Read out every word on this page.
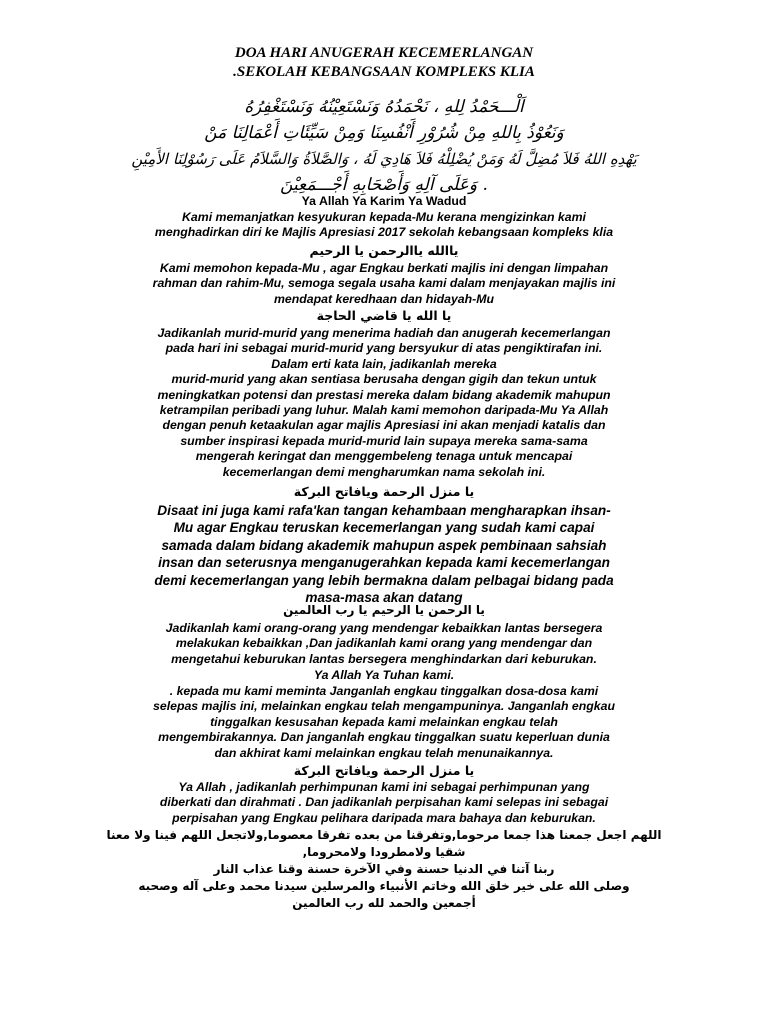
DOA HARI ANUGERAH KECEMERLANGAN
.SEKOLAH KEBANGSAAN KOMPLEKS KLIA
اَلْـــحَمْدُ لِلهِ ، نَحْمَدُهُ وَنَسْتَعِيْنُهُ وَنَسْتَغْفِرُهُ
وَنَعُوْذُ بِاللهِ مِنْ شُرُوْرِ أَنْفُسِنَا وَمِنْ سَيِّئَاتِ أَعْمَالِنَا مَنْ
يَهْدِهِ اللهُ فَلاَ مُضِلَّ لَهُ وَمَنْ يُضْلِلْهُ فَلاَ هَادِيَ لَهُ ، وَالصَّلاَةُ وَالسَّلاَمُ عَلَى رَسُوْلِنَا الأَمِيْنِ
. وَعَلَى آلِهِ وَأَصْحَابِهِ أَجْـــمَعِيْنَ

Ya Allah Ya Karim Ya Wadud

Kami memanjatkan kesyukuran kepada-Mu kerana mengizinkan kami
menghadirkan diri ke Majlis Apresiasi 2017 sekolah kebangsaan kompleks klia

ياالله ياالرحمن يا الرحيم

Kami memohon kepada-Mu , agar Engkau berkati majlis ini dengan limpahan
rahman dan rahim-Mu, semoga segala usaha kami dalam menjayakan majlis ini
mendapat keredhaan dan hidayah-Mu

يا الله يا قاضي الحاجة

Jadikanlah murid-murid yang menerima hadiah dan anugerah kecemerlangan
pada hari ini sebagai murid-murid yang bersyukur di atas pengiktirafan ini.
Dalam erti kata lain, jadikanlah mereka
murid-murid yang akan sentiasa berusaha dengan gigih dan tekun untuk
meningkatkan potensi dan prestasi mereka dalam bidang akademik mahupun
ketrampilan peribadi yang luhur. Malah kami memohon daripada-Mu Ya Allah
dengan penuh ketaakulan agar majlis Apresiasi ini akan menjadi katalis dan
sumber inspirasi kepada murid-murid lain supaya mereka sama-sama
mengerah keringat dan menggembeleng tenaga untuk mencapai
kecemerlangan demi mengharumkan nama sekolah ini.

يا منزل الرحمة ويافاتح البركة

Disaat ini juga kami rafa'kan tangan kehambaan mengharapkan ihsan-
Mu agar Engkau teruskan kecemerlangan yang sudah kami capai
samada dalam bidang akademik mahupun aspek pembinaan sahsiah
insan dan seterusnya menganugerahkan kepada kami kecemerlangan
demi kecemerlangan yang lebih bermakna dalam pelbagai bidang pada
masa-masa akan datang

يا الرحمن يا الرحيم يا رب العالمين

Jadikanlah kami orang-orang yang mendengar kebaikkan lantas bersegera
melakukan kebaikkan ,Dan jadikanlah kami orang yang mendengar dan
mengetahui keburukan lantas bersegera menghindarkan dari keburukan.

Ya Allah Ya Tuhan kami.

. kepada mu kami meminta Janganlah engkau tinggalkan dosa-dosa kami
selepas majlis ini, melainkan engkau telah mengampuninya. Janganlah engkau
tinggalkan kesusahan kepada kami melainkan engkau telah
mengembirakannya. Dan janganlah engkau tinggalkan suatu keperluan dunia
dan akhirat kami melainkan engkau telah menunaikannya.

يا منزل الرحمة ويافاتح البركة

Ya Allah , jadikanlah perhimpunan kami ini sebagai perhimpunan yang
diberkati dan dirahmati . Dan jadikanlah perpisahan kami selepas ini sebagai
perpisahan yang Engkau pelihara daripada mara bahaya dan keburukan.
اللهم اجعل جمعنا هذا جمعا مرحوما,وتفرقنا من بعده تفرقا معصوما,ولاتجعل اللهم فينا ولا معنا
شقيا ولامطرودا ولامحروما,
ربنا آتنا في الدنيا حسنة وفي الآخرة حسنة وقنا عذاب النار
وصلى الله على خير خلق الله وخاتم الأنبياء والمرسلين سيدنا محمد وعلى آله وصحبه
أجمعين والحمد لله رب العالمين
